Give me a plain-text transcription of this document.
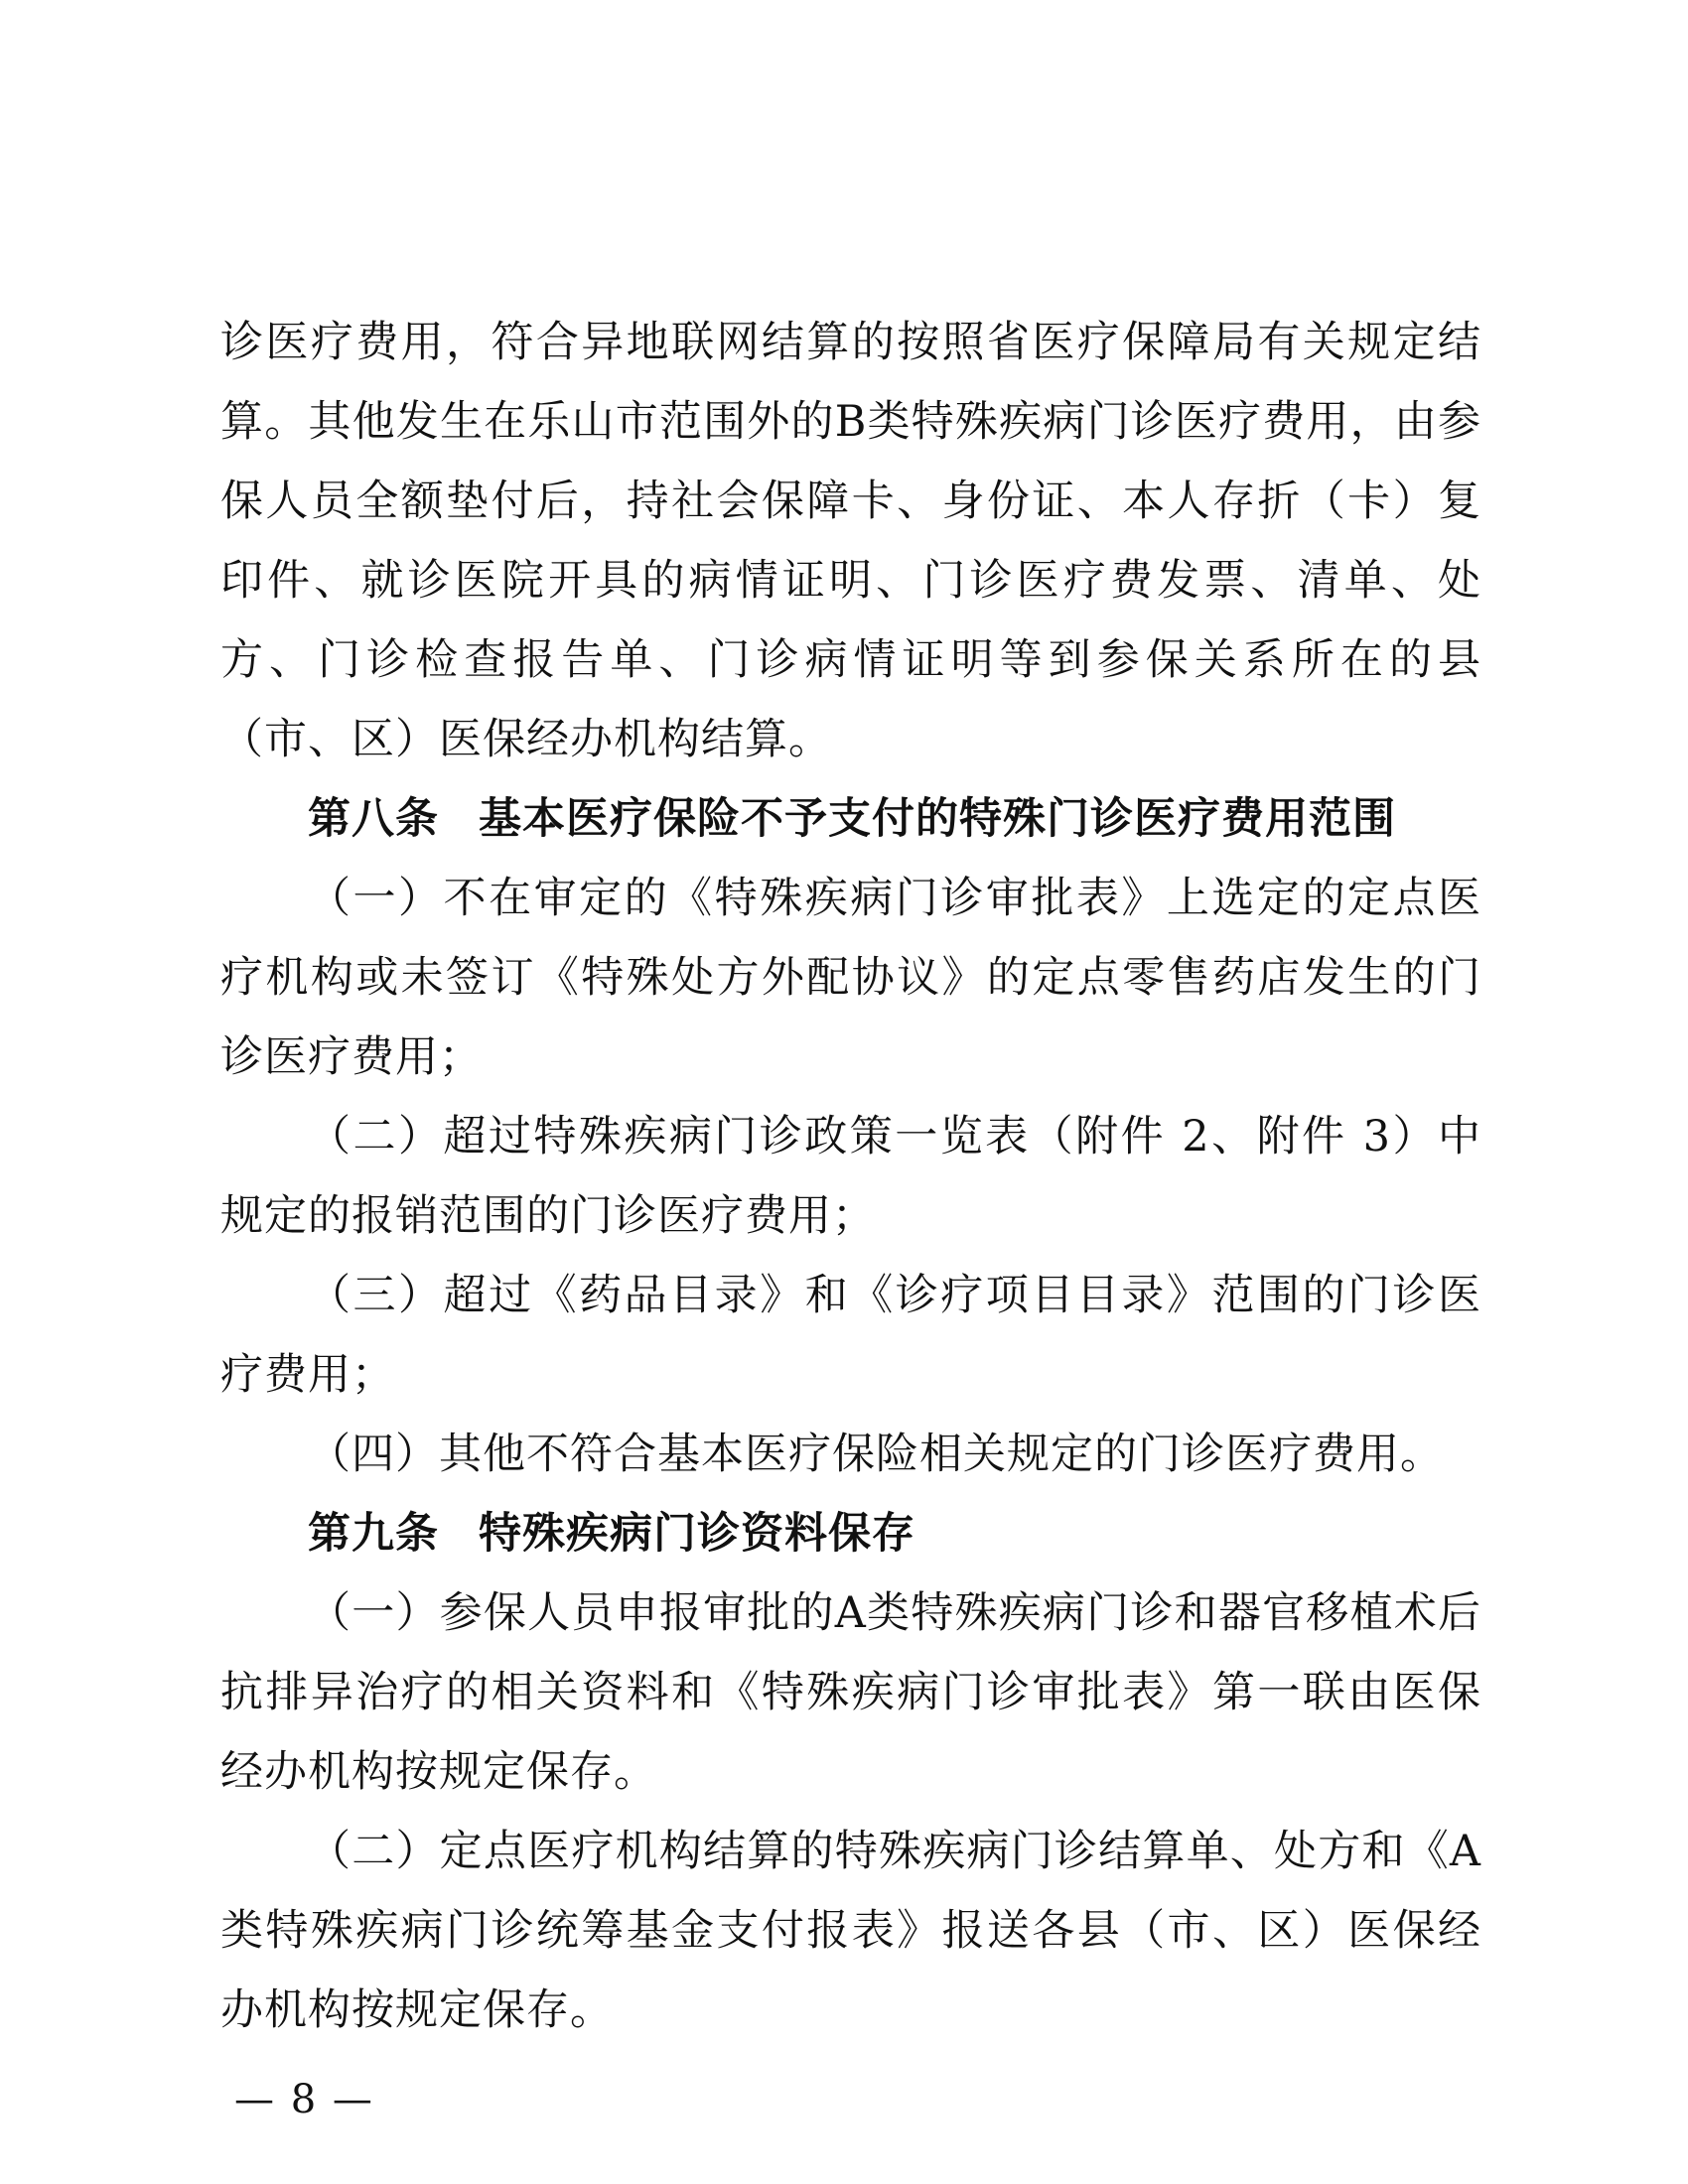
诊医疗费用，符合异地联网结算的按照省医疗保障局有关规定结算。其他发生在乐山市范围外的B类特殊疾病门诊医疗费用，由参保人员全额垫付后，持社会保障卡、身份证、本人存折（卡）复印件、就诊医院开具的病情证明、门诊医疗费发票、清单、处方、门诊检查报告单、门诊病情证明等到参保关系所在的县（市、区）医保经办机构结算。

第八条 基本医疗保险不予支付的特殊门诊医疗费用范围

（一）不在审定的《特殊疾病门诊审批表》上选定的定点医疗机构或未签订《特殊处方外配协议》的定点零售药店发生的门诊医疗费用；

（二）超过特殊疾病门诊政策一览表（附件 2、附件 3）中规定的报销范围的门诊医疗费用；

（三）超过《药品目录》和《诊疗项目目录》范围的门诊医疗费用；

（四）其他不符合基本医疗保险相关规定的门诊医疗费用。

第九条 特殊疾病门诊资料保存

（一）参保人员申报审批的A类特殊疾病门诊和器官移植术后抗排异治疗的相关资料和《特殊疾病门诊审批表》第一联由医保经办机构按规定保存。

（二）定点医疗机构结算的特殊疾病门诊结算单、处方和《A类特殊疾病门诊统筹基金支付报表》报送各县（市、区）医保经办机构按规定保存。

— 8 —
